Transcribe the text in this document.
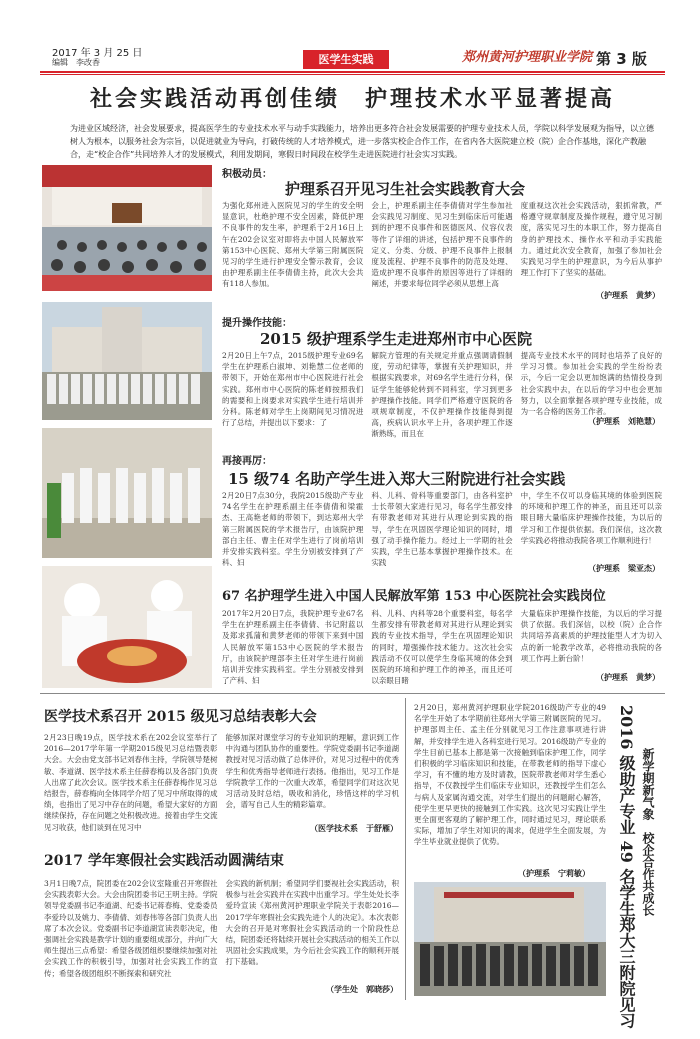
2017 年 3 月 25 日
编辑　李改香	医学生实践	郑州黄河护理职业学院 第 3 版
社会实践活动再创佳绩　护理技术水平显著提高
为进业区域经济，社会发展要求，提高医学生的专业技术水平与动手实践能力，培养出更多符合社会发展需要的护理专业技术人员，学院以科学发展观为指导，以立德树人为根本，以服务社会为宗旨，以促进就业为导向，打破传统的人才培养模式，进一步落实校企合作工作，在省内各大医院建立校（院）企合作基地，深化产教融合，走“校企合作”共同培养人才的发展模式，利用发期间，寒假日时间段在校学生走进医院进行社会实习实践。
积极动员：
护理系召开见习生社会实践教育大会
为强化郑州进入医院见习的学生的安全明显意识，杜绝护理不安全因素，降低护理不良事件的发生率，护理系于2月16日上午在202会议室对即将去中国人民解放军第153中心医院、郑州大学第三附属医院见习的学生进行护理安全警示教育，会议由护理系副主任李倩倩主持，此次大会共有118人参加。
会上，护理系副主任李倩倩对学生参加社会实践见习制度、见习生到临床后可能遇到的护理不良事件和医德医风、仪容仪表等作了详细的讲述，包括护理不良事件的定义、分类、分级、护理不良事件上报制度及流程、护理不良事件的防范及处理、造成护理不良事件的原因等进行了详细的阐述，并要求每位同学必须从思想上高
度重视这次社会实践活动，狠抓常教，严格遵守规章制度及操作规程，遵守见习制度，落实见习生的本职工作，努力提高自身的护理技术、操作水平和动手实践能力。通过此次安全教育，加强了参加社会实践见习学生的护理意识，为今后从事护理工作打下了坚实的基础。
（护理系　黄梦）
提升操作技能：
2015 级护理系学生走进郑州市中心医院
2月20日上午7点，2015级护理专业69名学生在护理系白淑坤、刘艳慧二位老师的带领下，开始在郑州市中心医院进行社会实践。郑州市中心医院的陈老师按照我们的需要和上岗要求对实践学生进行培训并分科。陈老师对学生上岗期间见习情况进行了总结，并提出以下要求：了
解院方管理的有关规定并重点强调请假制度，劳动纪律等，掌握有关护理知识，并根据实践要求，对69名学生进行分科，保证学生能够轮转到不同科室，学习到更多护理操作技能。同学们严格遵守医院的各项规章制度，不仅护理操作技能得到提高，疾病认识水平上升，各项护理工作逐渐熟练，而且在
提高专业技术水平的同时也培养了良好的学习习惯。参加社会实践的学生纷纷表示，今后一定会以更加饱满的热情投身到社会实践中去，在以后的学习中也会更加努力，以全面掌握各项护理专业技能，成为一名合格的医务工作者。
（护理系　刘艳慧）
再接再厉：
15 级74 名助产学生进入郑大三附院进行社会实践
2月20日7点30分，我院2015级助产专业74名学生在护理系副主任李倩倩和梁霍杰、王高艳老师的带领下，到达郑州大学第三附属医院的学术报告厅，由该院护理部白主任、曹主任对学生进行了岗前培训并安排实践科室。学生分别被安排到了产科、妇
科、儿科、骨科等重要部门，由各科室护士长带领大家进行见习，每名学生都安排有带教老师对其进行从理论到实践的指导，学生在巩固医学理论知识的同时，增强了动手操作能力。经过上一学期的社会实践，学生已基本掌握护理操作技术。在实践
中，学生不仅可以身临其境的体验到医院的环境和护理工作的神圣，而且还可以亲眼目睹大量临床护理操作技能，为以后的学习和工作提供依据。我们深信，这次教学实践必将推动我院各项工作顺利进行！
（护理系　梁亚杰）
67 名护理学生进入中国人民解放军第 153 中心医院社会实践岗位
2017年2月20日7点，我院护理专业67名学生在护理系副主任李倩倩、书记附蓝以及郑求孤蒲和黄梦老师的带领下来到中国人民解放军第153中心医院的学术报告厅，由该院护理部李主任对学生进行岗前培训并安排实践科室。学生分别被安排到了产科、妇
科、儿科、内科等28个重要科室，每名学生都安排有带教老师对其进行从理论到实践的专业技术指导，学生在巩固理论知识的同时，增强操作技术能力。这次社会实践活动不仅可以使学生身临其境的体会到医院的环境和护理工作的神圣，而且还可以亲眼目睹
大量临床护理操作技能，为以后的学习提供了依据。我们深信，以校（院）企合作共同培养高素质的护理技能型人才为切入点的新一轮教学改革，必将推动我院的各项工作再上新台阶！
（护理系　黄梦）
医学技术系召开 2015 级见习总结表彰大会
2月23日晚19点，医学技术系在202会议室举行了2016—2017学年第一学期2015级见习总结暨表彰大会。大会由党支部书记刘春伟主持，学院领导楚树敏、李道湖、医学技术系主任薛春梅以及各部门负责人出席了此次会议。医学技术系主任薛春梅作见习总结报告，薛春梅向全体同学介绍了见习中所取得的成绩，也指出了见习中存在的问题，希望大家好的方面继续保持，存在问题之处积极改进。接着由学生交流见习收获，他们谈到在见习中
能够加深对课堂学习的专业知识的理解，意识到工作中沟通与团队协作的重要性。学院党委副书记李道湖教授对见习活动做了总体评价，对见习过程中的优秀学生和优秀指导老师进行表扬。他指出，见习工作是学院教学工作的一次重大改革，希望同学们对这次见习活动及时总结，吸收和消化，珍惜这样的学习机会，谱写自己人生的精彩篇章。
（医学技术系　于舒雁）
2017 学年寒假社会实践活动圆满结束
3月1日晚7点，院团委在202会议室隆重召开寒假社会实践表彰大会。大会由院团委书记王明主持。学院领导党委副书记李道湖、纪委书记蒋春梅、党委委员李爱玲以及姚力、李倩倩、刘春伟等各部门负责人出席了本次会议。党委副书记李道湖宣读表彰决定，他强调社会实践是教学计划的重要组成部分，并向广大师生提出三点希望：希望各级团组织要继续加强对社会实践工作的积极引导，加强对社会实践工作的宣传；希望各级团组织不断探索和研究社
会实践的新机制；希望同学们要视社会实践活动，积极参与社会实践并在实践中出重学习。学生处处长李爱玲宣读《郑州黄河护理职业学院关于表彰2016—2017学年寒假社会实践先进个人的决定》。本次表彰大会的召开是对寒假社会实践活动的一个阶段性总结，院团委还将陆续开展社会实践活动的相关工作以巩固社会实践成果，为今后社会实践工作的顺利开展打下基础。
（学生处　郭晓莎）
2月20日，郑州黄河护理职业学院2016级助产专业的49名学生开始了本学期前往郑州大学第三附属医院的见习。护理部周主任、孟主任分别就见习工作注意事项进行讲解，并安排学生进入各科室进行见习。2016级助产专业的学生目前已基本上都是第一次接触到临床护理工作，同学们积极的学习临床知识和技能，在带教老师的指导下虚心学习，有不懂的地方及时请教，医院带教老师对学生悉心指导，不仅教授学生们临床专业知识，还教授学生们怎么与病人及家属沟通交流，对学生们提出的问题耐心解答，使学生更早更快的接触到工作实践。这次见习实践让学生更全面更客观的了解护理工作，同时通过见习，理论联系实际，增加了学生对知识的渴求，促进学生全面发展，为学生毕业就业提供了优势。
（护理系　宁莉敏） 2016 级助产专业 49 名学生郑大三附院见习 新学期新气象　校企合作共成长
